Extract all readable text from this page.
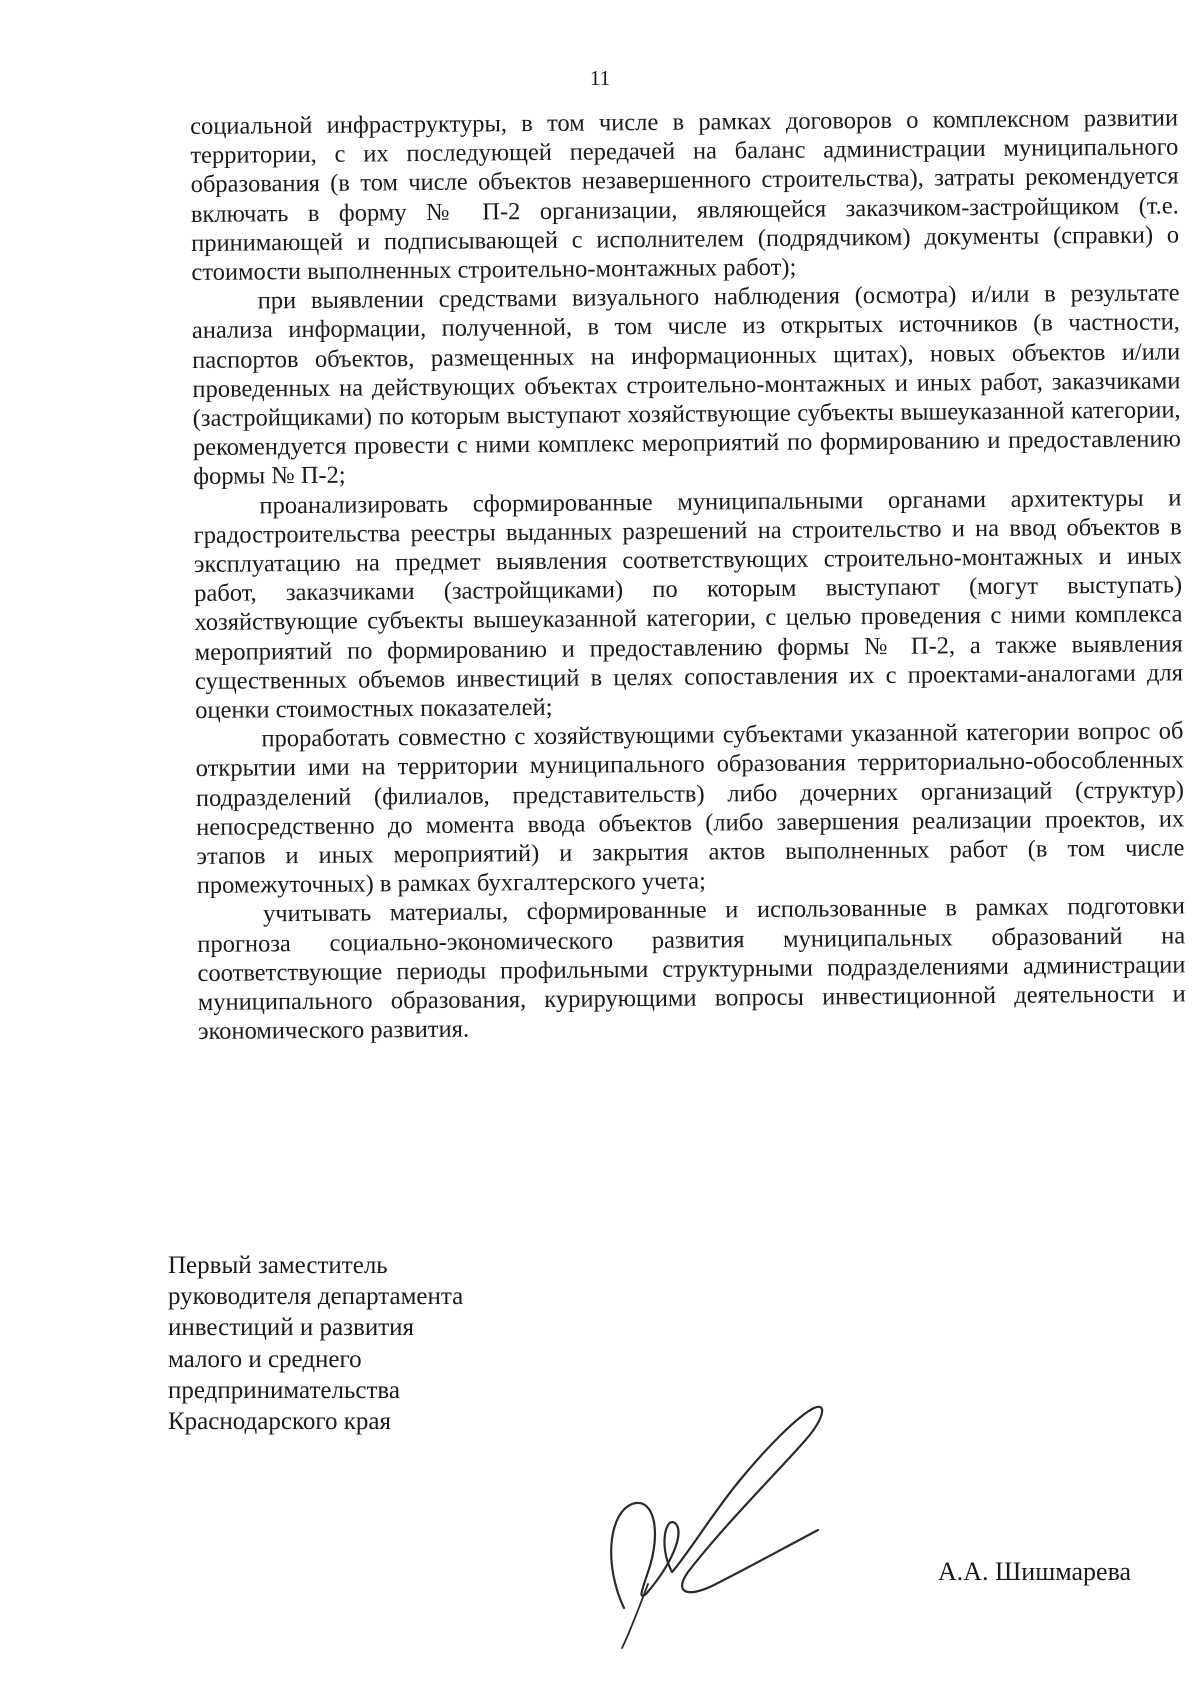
11

социальной инфраструктуры, в том числе в рамках договоров о комплексном развитии территории, с их последующей передачей на баланс администрации муниципального образования (в том числе объектов незавершенного строительства), затраты рекомендуется включать в форму № П-2 организации, являющейся заказчиком-застройщиком (т.е. принимающей и подписывающей с исполнителем (подрядчиком) документы (справки) о стоимости выполненных строительно-монтажных работ);

при выявлении средствами визуального наблюдения (осмотра) и/или в результате анализа информации, полученной, в том числе из открытых источников (в частности, паспортов объектов, размещенных на информационных щитах), новых объектов и/или проведенных на действующих объектах строительно-монтажных и иных работ, заказчиками (застройщиками) по которым выступают хозяйствующие субъекты вышеуказанной категории, рекомендуется провести с ними комплекс мероприятий по формированию и предоставлению формы № П-2;

проанализировать сформированные муниципальными органами архитектуры и градостроительства реестры выданных разрешений на строительство и на ввод объектов в эксплуатацию на предмет выявления соответствующих строительно-монтажных и иных работ, заказчиками (застройщиками) по которым выступают (могут выступать) хозяйствующие субъекты вышеуказанной категории, с целью проведения с ними комплекса мероприятий по формированию и предоставлению формы № П-2, а также выявления существенных объемов инвестиций в целях сопоставления их с проектами-аналогами для оценки стоимостных показателей;

проработать совместно с хозяйствующими субъектами указанной категории вопрос об открытии ими на территории муниципального образования территориально-обособленных подразделений (филиалов, представительств) либо дочерних организаций (структур) непосредственно до момента ввода объектов (либо завершения реализации проектов, их этапов и иных мероприятий) и закрытия актов выполненных работ (в том числе промежуточных) в рамках бухгалтерского учета;

учитывать материалы, сформированные и использованные в рамках подготовки прогноза социально-экономического развития муниципальных образований на соответствующие периоды профильными структурными подразделениями администрации муниципального образования, курирующими вопросы инвестиционной деятельности и экономического развития.

Первый заместитель
руководителя департамента
инвестиций и развития
малого и среднего
предпринимательства
Краснодарского края
А.А. Шишмарева
